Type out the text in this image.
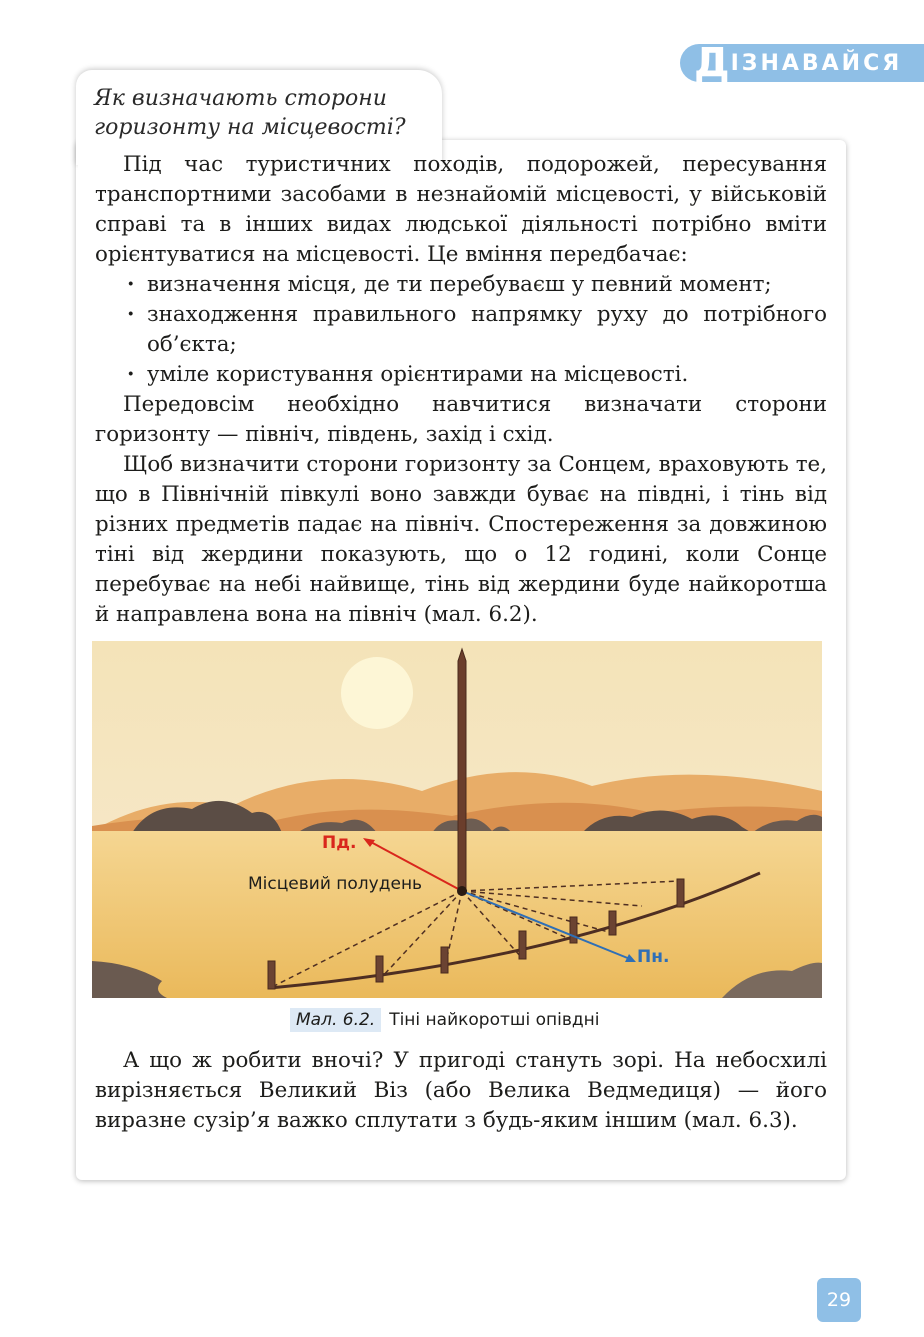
Д ІЗНАВАЙСЯ
Як визначають сторони горизонту на місцевості?

Під час туристичних походів, подорожей, пересування транспортними засобами в незнайомій місцевості, у військовій справі та в інших видах людської діяльності потрібно вміти орієнтуватися на місцевості. Це вміння передбачає:

· визначення місця, де ти перебуваєш у певний момент;
· знаходження правильного напрямку руху до потрібного об’єкта;
· уміле користування орієнтирами на місцевості.

Передовсім необхідно навчитися визначати сторони горизонту — північ, південь, захід і схід.

Щоб визначити сторони горизонту за Сонцем, враховують те, що в Північній півкулі воно завжди буває на півдні, і тінь від різних предметів падає на північ. Спостереження за довжиною тіні від жердини показують, що о 12 годині, коли Сонце перебуває на небі найвище, тінь від жердини буде найкоротша й направлена вона на північ (мал. 6.2).

Пд.
Пн.
Місцевий полудень
Мал. 6.2. Тіні найкоротші опівдні

А що ж робити вночі? У пригоді стануть зорі. На небосхилі вирізняється Великий Віз (або Велика Ведмедиця) — його виразне сузір’я важко сплутати з будь-яким іншим (мал. 6.3).

29
